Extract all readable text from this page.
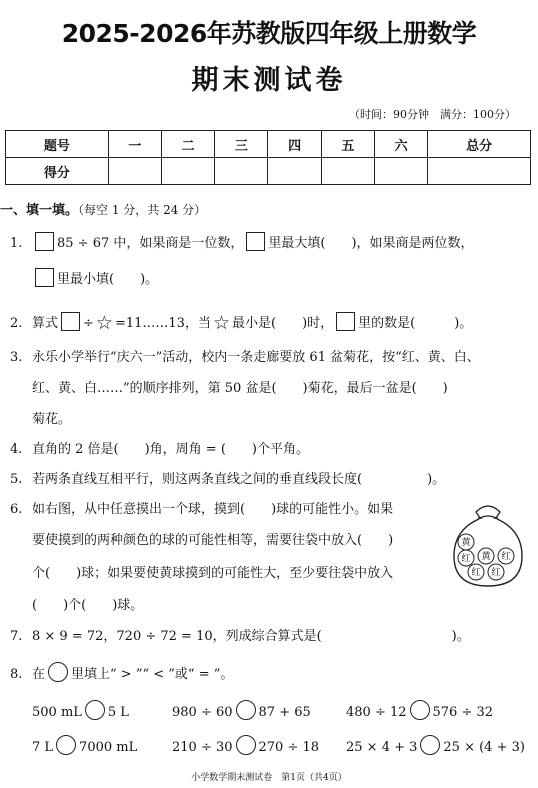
2025-2026年苏教版四年级上册数学
期末测试卷
（时间：90分钟　满分：100分）
题号	一	二	三	四	五	六	总分
得分							
一、填一填。（每空 1 分，共 24 分）
1.	85 ÷ 67 中，如果商是一位数， 里最大填(　　)，如果商是两位数，
里最小填(　　)。
2. 算式 ÷ ☆ =11……13，当 ☆ 最小是(　　)时， 里的数是(　　　)。
3. 永乐小学举行“庆六一”活动，校内一条走廊要放 61 盆菊花，按“红、黄、白、
红、黄、白……”的顺序排列，第 50 盆是(　　)菊花，最后一盆是(　　)
菊花。
4. 直角的 2 倍是(　　)角，周角 = (　　)个平角。
5. 若两条直线互相平行，则这两条直线之间的垂直线段长度(　　　　　)。
6. 如右图，从中任意摸出一个球，摸到(　　)球的可能性小。如果
要使摸到的两种颜色的球的可能性相等，需要往袋中放入(　　)
个(　　)球；如果要使黄球摸到的可能性大，至少要往袋中放入
(　　)个(　　)球。
黄
红 黄 红
红 红
7. 8 × 9 = 72，720 ÷ 72 = 10，列成综合算式是(　　　　　　　　　　)。
8. 在 里填上“ > ”“ < ”或“ = ”。
500 mL 5 L	980 ÷ 60 87 + 65	480 ÷ 12 576 ÷ 32
7 L 7000 mL	210 ÷ 30 270 ÷ 18 25 × 4 + 3 25 × (4 + 3)
小学数学期末测试卷　第1页（共4页）
